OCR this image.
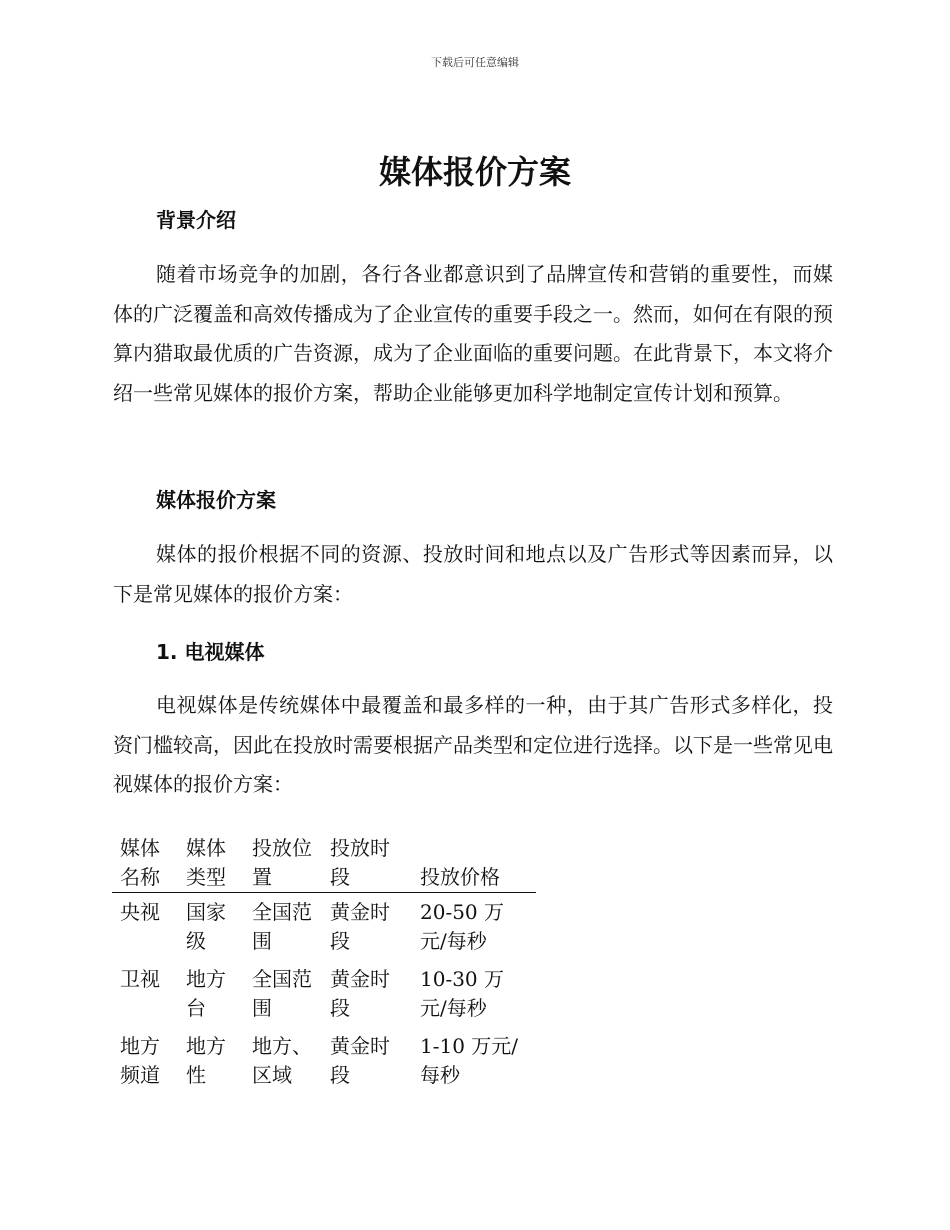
下载后可任意编辑
媒体报价方案
背景介绍

随着市场竞争的加剧，各行各业都意识到了品牌宣传和营销的重要性，而媒体的广泛覆盖和高效传播成为了企业宣传的重要手段之一。然而，如何在有限的预算内猎取最优质的广告资源，成为了企业面临的重要问题。在此背景下，本文将介绍一些常见媒体的报价方案，帮助企业能够更加科学地制定宣传计划和预算。

媒体报价方案

媒体的报价根据不同的资源、投放时间和地点以及广告形式等因素而异，以下是常见媒体的报价方案：

1. 电视媒体

电视媒体是传统媒体中最覆盖和最多样的一种，由于其广告形式多样化，投资门槛较高，因此在投放时需要根据产品类型和定位进行选择。以下是一些常见电视媒体的报价方案：

媒体名称	媒体类型	投放位置	投放时段	投放价格
央视	国家级	全国范围	黄金时段	20-50 万元/每秒
卫视	地方台	全国范围	黄金时段	10-30 万元/每秒
地方频道	地方性	地方、区域	黄金时段	1-10 万元/每秒
